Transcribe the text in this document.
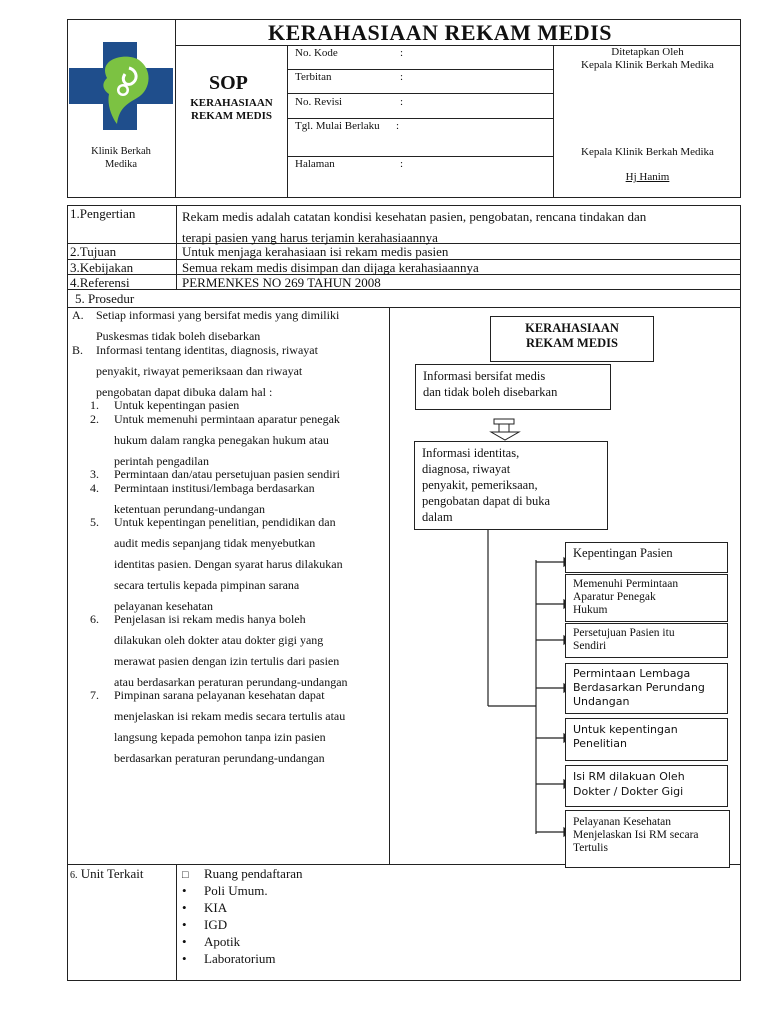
KERAHASIAAN REKAM MEDIS
Klinik Berkah
Medika
SOP
KERAHASIAAN
REKAM MEDIS
No. Kode	:
Terbitan	:
No. Revisi	:
Tgl. Mulai Berlaku :
Halaman	:
Ditetapkan Oleh
Kepala Klinik Berkah Medika
Kepala Klinik Berkah Medika
Hj Hanim
1.Pengertian	Rekam medis adalah catatan kondisi kesehatan pasien, pengobatan, rencana tindakan dan
terapi pasien yang harus terjamin kerahasiaannya
2.Tujuan	Untuk menjaga kerahasiaan isi rekam medis pasien
3.Kebijakan	Semua rekam medis disimpan dan dijaga kerahasiaannya
4.Referensi	PERMENKES NO 269 TAHUN 2008
5. Prosedur
A. Setiap informasi yang bersifat medis yang dimiliki
Puskesmas tidak boleh disebarkan
B. Informasi tentang identitas, diagnosis, riwayat
penyakit, riwayat pemeriksaan dan riwayat
pengobatan dapat dibuka dalam hal :
1. Untuk kepentingan pasien
2. Untuk memenuhi permintaan aparatur penegak
hukum dalam rangka penegakan hukum atau
perintah pengadilan
3. Permintaan dan/atau persetujuan pasien sendiri
4. Permintaan institusi/lembaga berdasarkan
ketentuan perundang-undangan
5. Untuk kepentingan penelitian, pendidikan dan
audit medis sepanjang tidak menyebutkan
identitas pasien. Dengan syarat harus dilakukan
secara tertulis kepada pimpinan sarana
pelayanan kesehatan
6. Penjelasan isi rekam medis hanya boleh
dilakukan oleh dokter atau dokter gigi yang
merawat pasien dengan izin tertulis dari pasien
atau berdasarkan peraturan perundang-undangan
7. Pimpinan sarana pelayanan kesehatan dapat
menjelaskan isi rekam medis secara tertulis atau
langsung kepada pemohon tanpa izin pasien
berdasarkan peraturan perundang-undangan
KERAHASIAAN
REKAM MEDIS
Informasi bersifat medis
dan tidak boleh disebarkan
Informasi identitas,
diagnosa, riwayat
penyakit, pemeriksaan,
pengobatan dapat di buka
dalam
Kepentingan Pasien
Memenuhi Permintaan
Aparatur Penegak
Hukum
Persetujuan Pasien itu
Sendiri
Permintaan Lembaga
Berdasarkan Perundang
Undangan
Untuk kepentingan
Penelitian
Isi RM dilakuan Oleh
Dokter / Dokter Gigi
Pelayanan Kesehatan
Menjelaskan Isi RM secara
Tertulis
6. Unit Terkait	□ Ruang pendaftaran
• Poli Umum.
• KIA
• IGD
• Apotik
• Laboratorium
